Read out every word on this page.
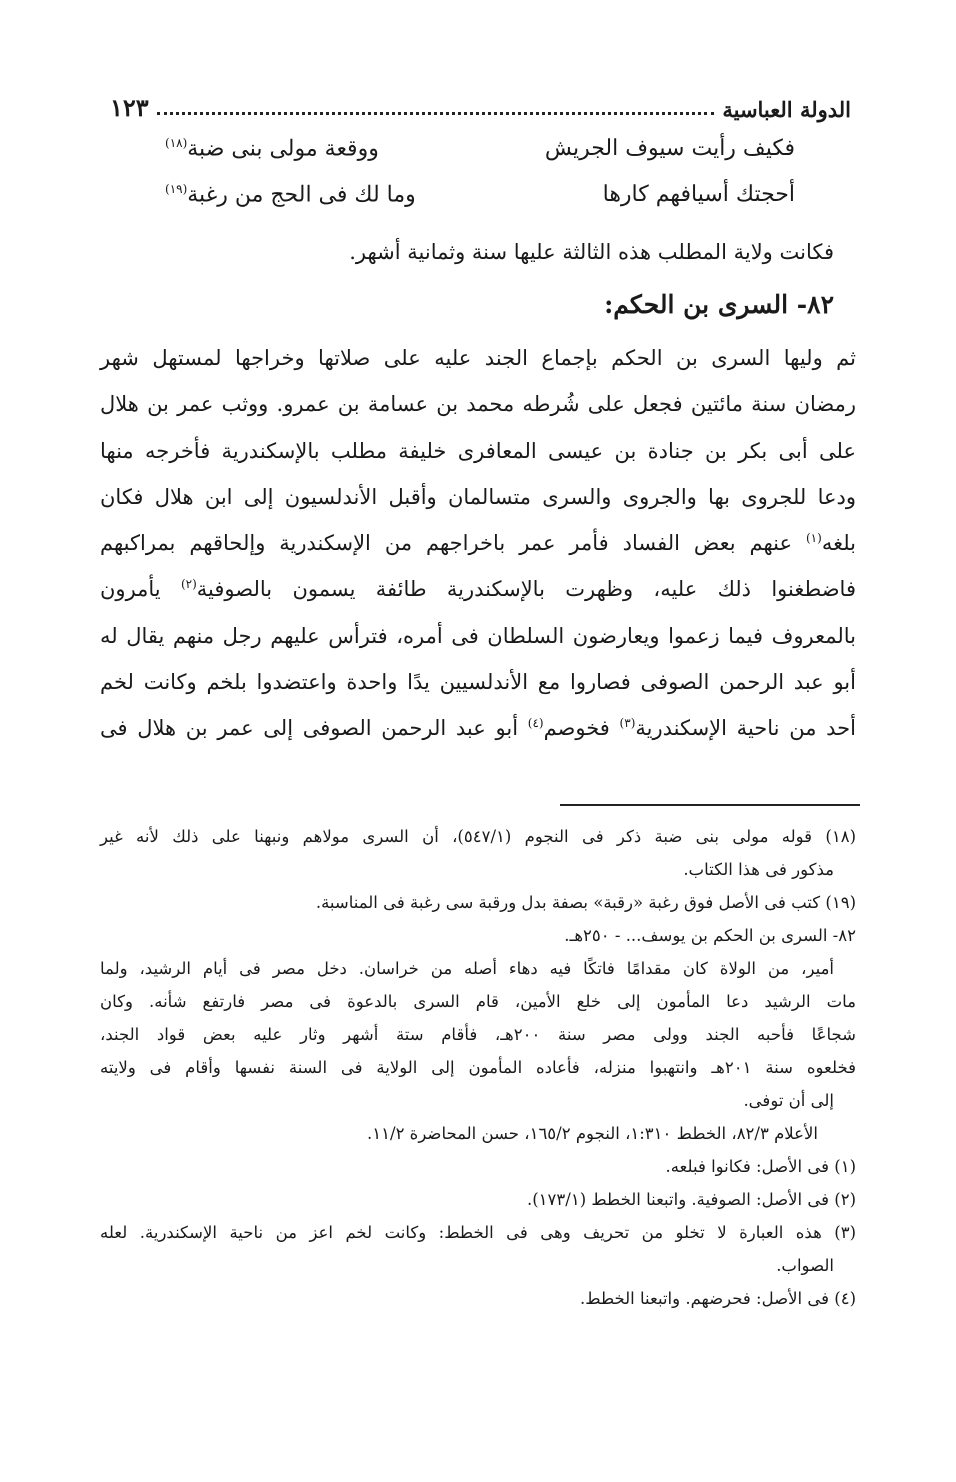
الدولة العباسية
١٢٣
فكيف رأيت سيوف الجريش
ووقعة مولى بنى ضبة$^{(١٨)}$
أحجتك أسيافهم كارها
وما لك فى الحج من رغبة$^{(١٩)}$
فكانت ولاية المطلب هذه الثالثة عليها سنة وثمانية أشهر.
٨٢- السرى بن الحكم:
ثم وليها السرى بن الحكم بإجماع الجند عليه على صلاتها وخراجها لمستهل شهر
رمضان سنة مائتين فجعل على شُرطه محمد بن عسامة بن عمرو. ووثب عمر بن هلال
على أبى بكر بن جنادة بن عيسى المعافرى خليفة مطلب بالإسكندرية فأخرجه منها
ودعا للجروى بها والجروى والسرى متسالمان وأقبل الأندلسيون إلى ابن هلال فكان
بلغه$^{(١)}$ عنهم بعض الفساد فأمر عمر باخراجهم من الإسكندرية وإلحاقهم بمراكبهم
فاضطغنوا ذلك عليه، وظهرت بالإسكندرية طائفة يسمون بالصوفية$^{(٢)}$ يأمرون
بالمعروف فيما زعموا ويعارضون السلطان فى أمره، فترأس عليهم رجل منهم يقال له
أبو عبد الرحمن الصوفى فصاروا مع الأندلسيين يدًا واحدة واعتضدوا بلخم وكانت لخم
أحد من ناحية الإسكندرية$^{(٣)}$ فخوصم$^{(٤)}$ أبو عبد الرحمن الصوفى إلى عمر بن هلال فى
(١٨) قوله مولى بنى ضبة ذكر فى النجوم (٥٤٧/١)، أن السرى مولاهم ونبهنا على ذلك لأنه غير
مذكور فى هذا الكتاب.
(١٩) كتب فى الأصل فوق رغبة «رقبة» بصفة بدل ورقبة سى رغبة فى المناسبة.
٨٢- السرى بن الحكم بن يوسف... - ٢٥٠هـ.
أمير، من الولاة كان مقدامًا فاتكًا فيه دهاء أصله من خراسان. دخل مصر فى أيام الرشيد، ولما
مات الرشيد دعا المأمون إلى خلع الأمين، قام السرى بالدعوة فى مصر فارتفع شأنه. وكان
شجاعًا فأحبه الجند وولى مصر سنة ٢٠٠هـ، فأقام ستة أشهر وثار عليه بعض قواد الجند،
فخلعوه سنة ٢٠١هـ وانتهبوا منزله، فأعاده المأمون إلى الولاية فى السنة نفسها وأقام فى ولايته
إلى أن توفى.
الأعلام ٨٢/٣، الخطط ١:٣١٠، النجوم ١٦٥/٢، حسن المحاضرة ١١/٢.
(١) فى الأصل: فكانوا فبلعه.
(٢) فى الأصل: الصوفية. واتبعنا الخطط (١٧٣/١).
(٣) هذه العبارة لا تخلو من تحريف وهى فى الخطط: وكانت لخم اعز من ناحية الإسكندرية. لعله
الصواب.
(٤) فى الأصل: فحرضهم. واتبعنا الخطط.
